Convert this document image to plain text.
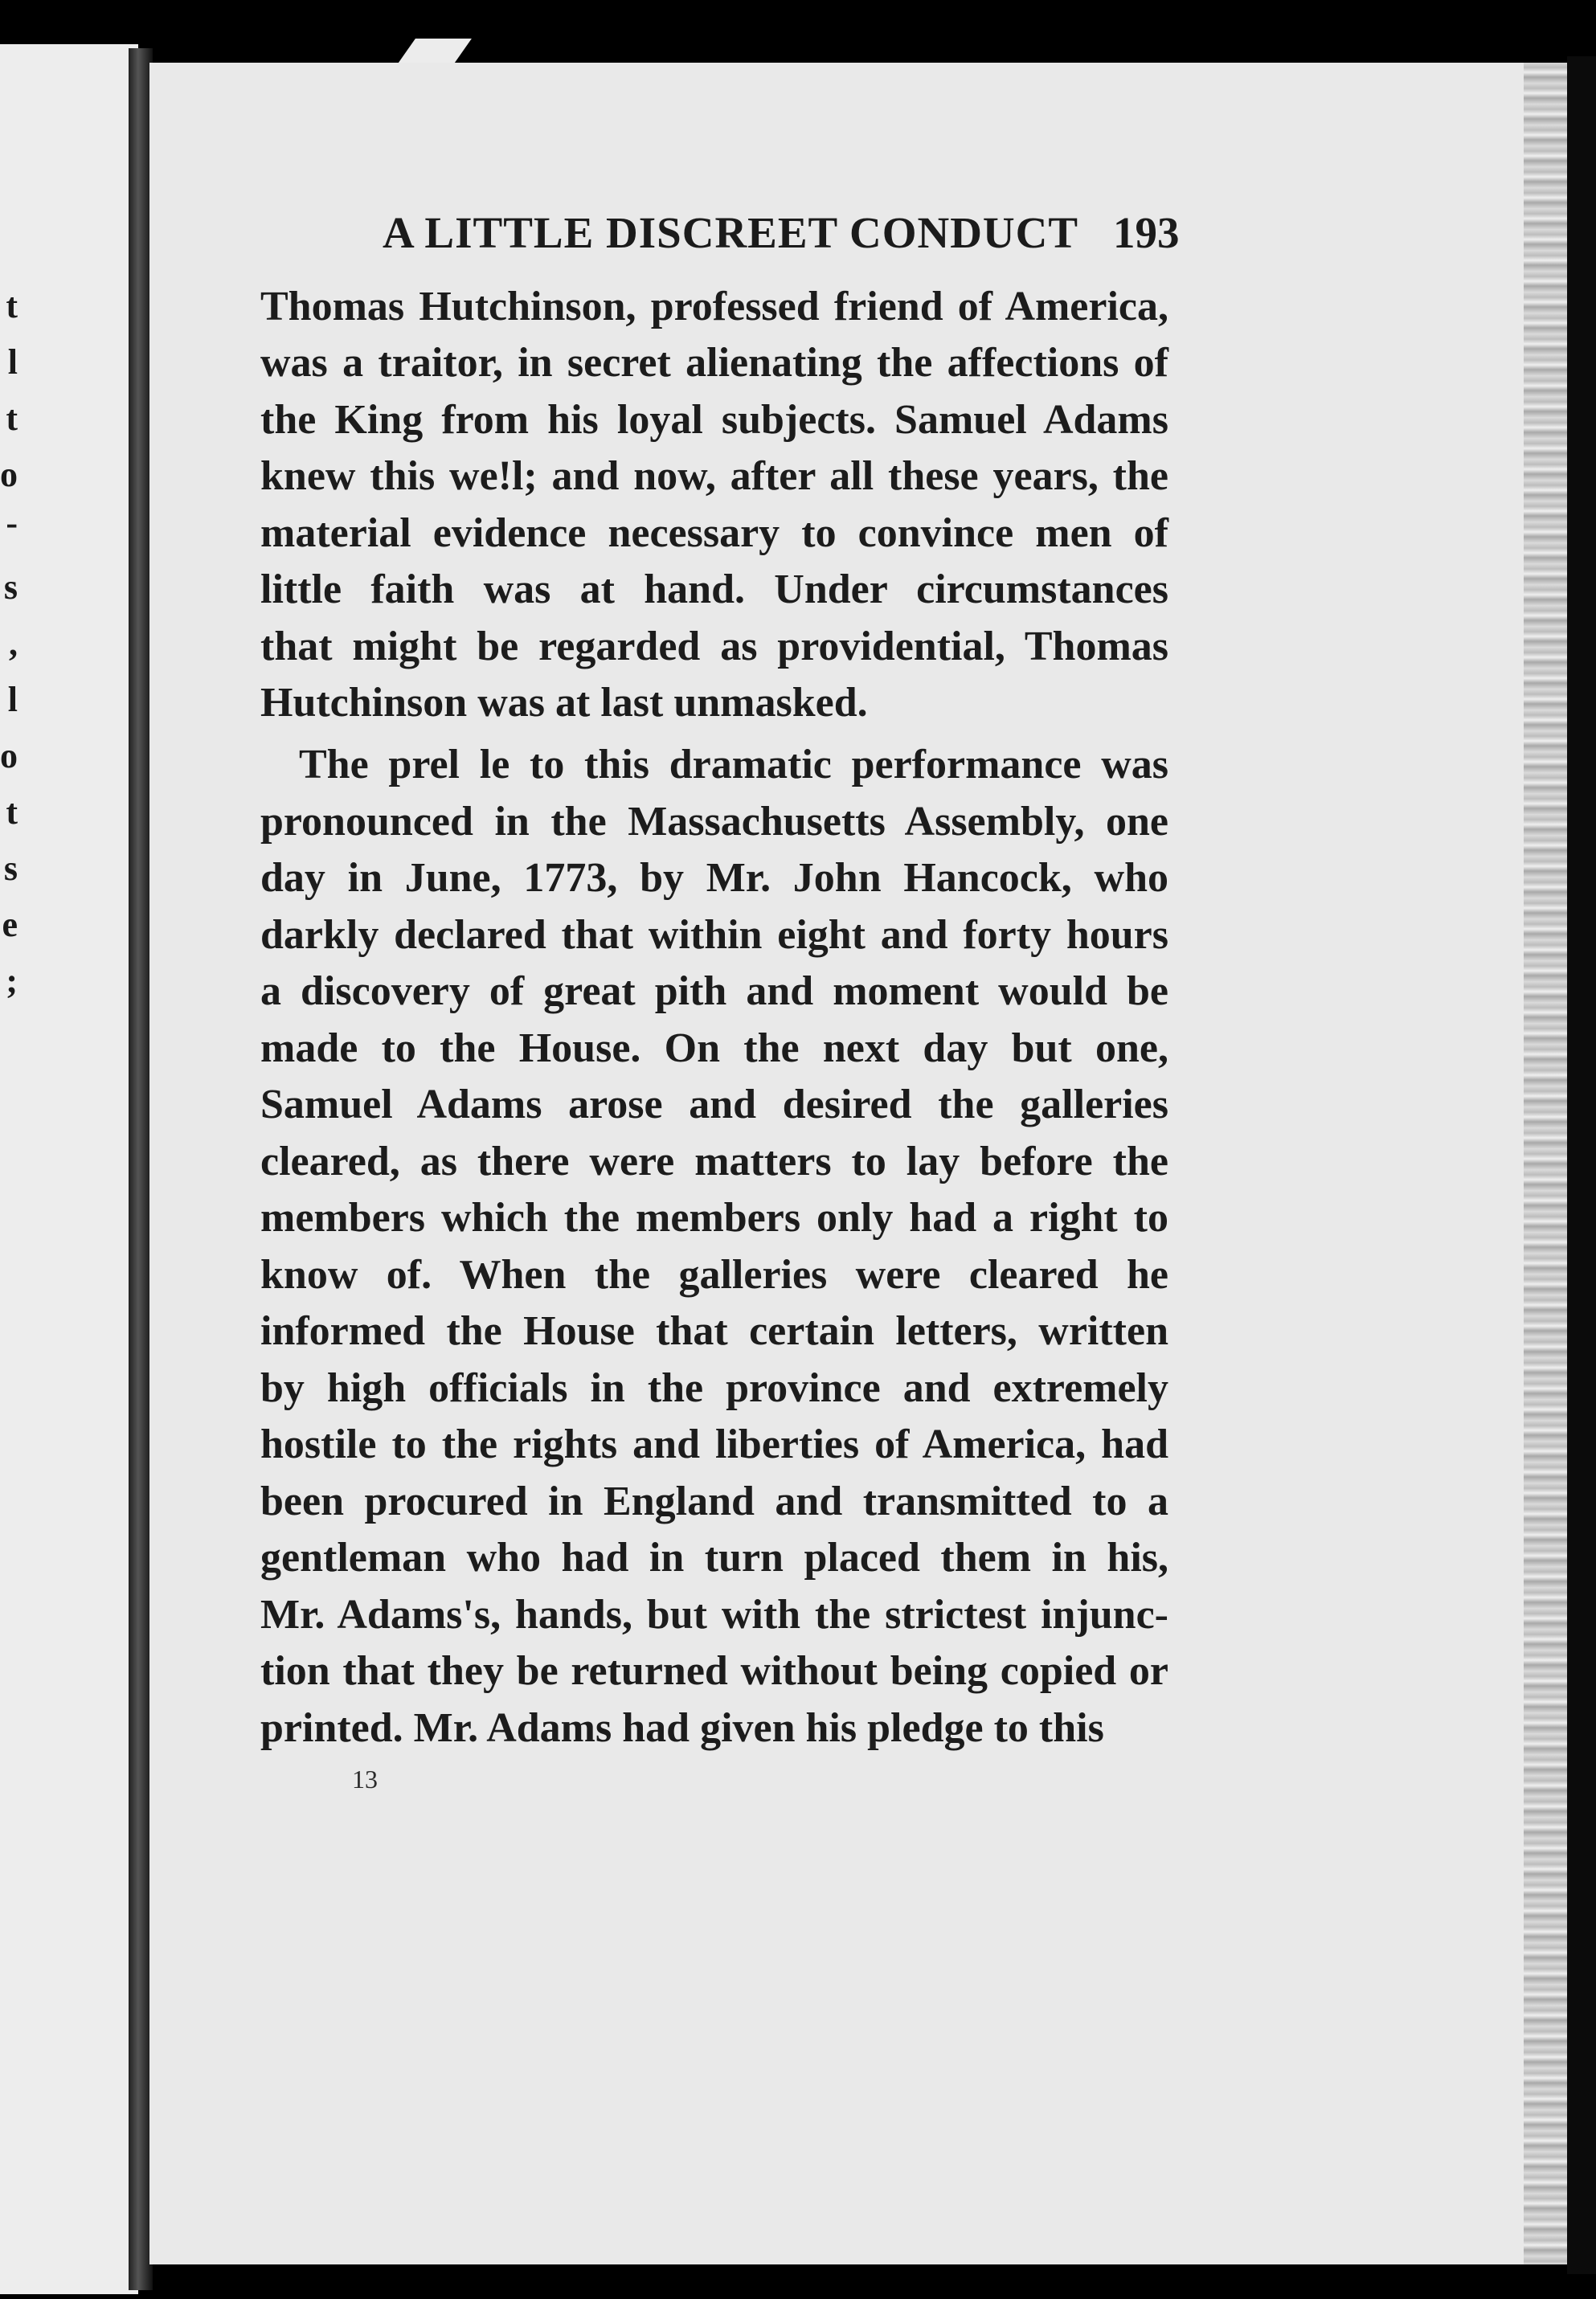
t
l
t
o
-
s
,
l
o
t
s
e
;
A LITTLE DISCREET CONDUCT 193
Thomas Hutchinson, professed friend of America,
was a traitor, in secret alienating the affections of
the King from his loyal subjects. Samuel Adams
knew this we!l; and now, after all these years, the
material evidence necessary to convince men of
little faith was at hand. Under circumstances
that might be regarded as providential, Thomas
Hutchinson was at last unmasked.
The prel le to this dramatic performance was
pronounced in the Massachusetts Assembly, one
day in June, 1773, by Mr. John Hancock, who
darkly declared that within eight and forty hours
a discovery of great pith and moment would be
made to the House. On the next day but one,
Samuel Adams arose and desired the galleries
cleared, as there were matters to lay before the
members which the members only had a right to
know of. When the galleries were cleared he
informed the House that certain letters, written
by high officials in the province and extremely
hostile to the rights and liberties of America, had
been procured in England and transmitted to a
gentleman who had in turn placed them in his,
Mr. Adams's, hands, but with the strictest injunc-
tion that they be returned without being copied or
printed. Mr. Adams had given his pledge to this
13
